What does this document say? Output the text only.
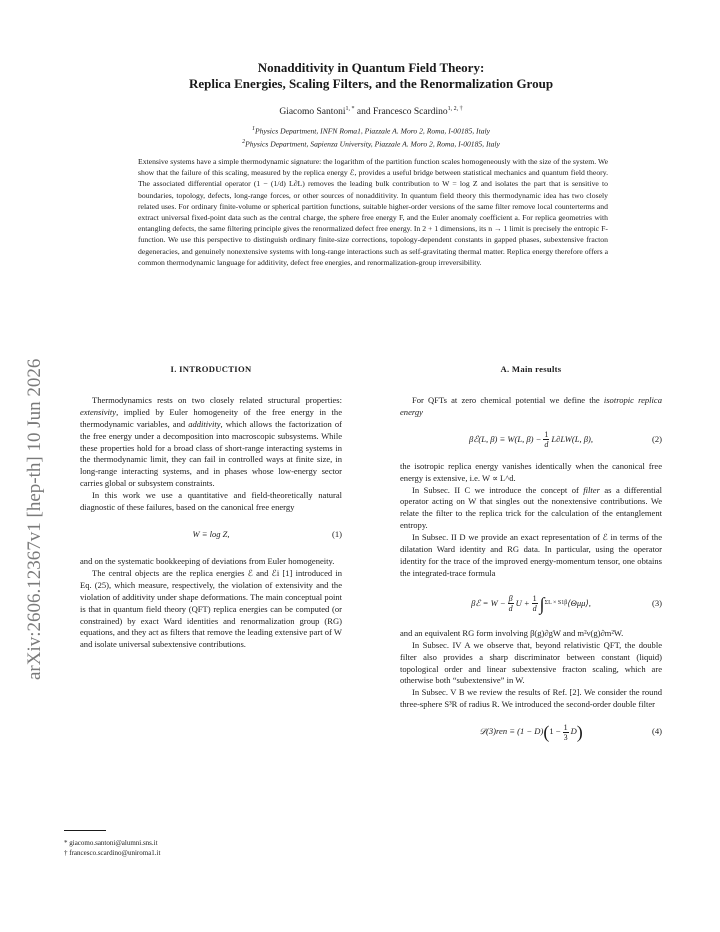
arXiv:2606.12367v1 [hep-th] 10 Jun 2026
Nonadditivity in Quantum Field Theory:
Replica Energies, Scaling Filters, and the Renormalization Group
Giacomo Santoni$^{1, *}$ and Francesco Scardino$^{1, 2, \dagger}$
$^1$Physics Department, INFN Roma1, Piazzale A. Moro 2, Roma, I-00185, Italy
$^2$Physics Department, Sapienza University, Piazzale A. Moro 2, Roma, I-00185, Italy
Extensive systems have a simple thermodynamic signature: the logarithm of the partition function scales homogeneously with the size of the system. We show that the failure of this scaling, measured by the replica energy ℰ, provides a useful bridge between statistical mechanics and quantum field theory. The associated differential operator (1 − (1/d) L∂L) removes the leading bulk contribution to W = log Z and isolates the part that is sensitive to boundaries, topology, defects, long-range forces, or other sources of nonadditivity. In quantum field theory this thermodynamic idea has two closely related uses. For ordinary finite-volume or spherical partition functions, suitable higher-order versions of the same filter remove local counterterms and extract universal fixed-point data such as the central charge, the sphere free energy F, and the Euler anomaly coefficient a. For replica geometries with entangling defects, the same filtering principle gives the renormalized defect free energy. In 2 + 1 dimensions, its n → 1 limit is precisely the entropic F-function. We use this perspective to distinguish ordinary finite-size corrections, topology-dependent constants in gapped phases, subextensive fracton degeneracies, and genuinely nonextensive systems with long-range interactions such as self-gravitating thermal matter. Replica energy therefore offers a common thermodynamic language for additivity, defect free energies, and renormalization-group irreversibility.
I. INTRODUCTION

Thermodynamics rests on two closely related structural properties: extensivity, implied by Euler homogeneity of the free energy in the thermodynamic variables, and additivity, which allows the factorization of the free energy under a decomposition into macroscopic subsystems. While these properties hold for a broad class of short-range interacting systems in the thermodynamic limit, they can fail in controlled ways at finite size, in long-range interacting systems, and in phases whose low-energy sector carries global or subsystem constraints.

In this work we use a quantitative and field-theoretically natural diagnostic of these failures, based on the canonical free energy

W ≡ log Z,	(1)

and on the systematic bookkeeping of deviations from Euler homogeneity.

The central objects are the replica energies ℰ and ℰi [1] introduced in Eq. (25), which measure, respectively, the violation of extensivity and the violation of additivity under shape deformations. The main conceptual point is that in quantum field theory (QFT) replica energies can be computed (or constrained) by exact Ward identities and renormalization group (RG) equations, and they act as filters that remove the leading extensive part of W and isolate universal subextensive contributions.

A. Main results

For QFTs at zero chemical potential we define the isotropic replica energy

βℰ(L, β) ≡ W(L, $\beta) - \frac{1}{d} L\partial LW(L$, β),	(2)

the isotropic replica energy vanishes identically when the canonical free energy is extensive, i.e. W ∝ L^d.

In Subsec. II C we introduce the concept of filter as a differential operator acting on W that singles out the nonextensive contributions. We relate the filter to the replica trick for the calculation of the entanglement entropy.

In Subsec. II D we provide an exact representation of ℰ in terms of the dilatation Ward identity and RG data. In particular, using the operator identity for the trace of the improved energy-momentum tensor, one obtains the integrated-trace formula

βℰ = $W - \frac{\beta}{d}$ $U + \frac{1}{d}$ ∫ ΣL × S1β ⟨Θμμ⟩,	(3)

and an equivalent RG form involving β(g)∂gW and m²ν(g)∂m²W.

In Subsec. IV A we observe that, beyond relativistic QFT, the double filter also provides a sharp discriminator between constant (liquid) topological order and linear subextensive fracton scaling, which are otherwise both “subextensive” in W.

In Subsec. V B we review the results of Ref. [2]. We consider the round three-sphere S³R of radius R. We introduced the second-order double filter

𝒟(3)ren ≡ (1 − D) ( $1 - \frac{1}{3}$ D )	(4)
* giacomo.santoni@alumni.sns.it
† francesco.scardino@uniroma1.it
